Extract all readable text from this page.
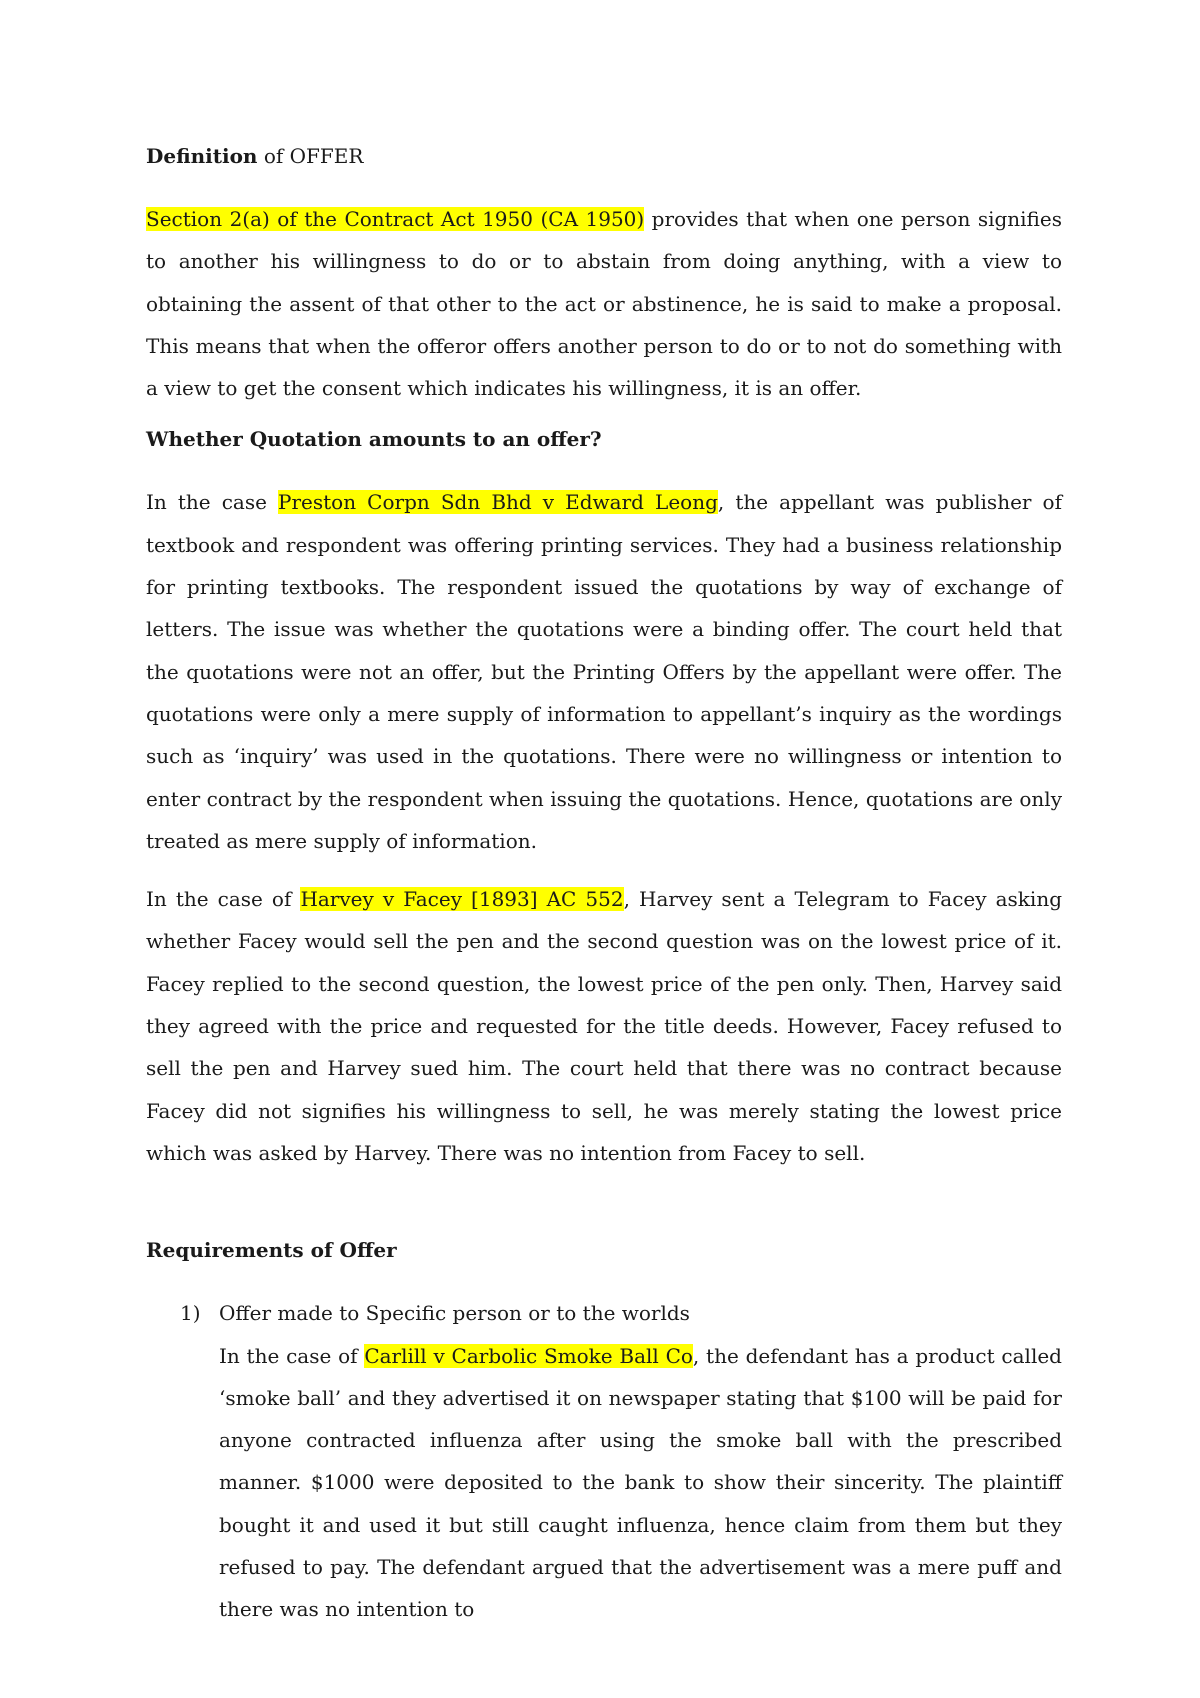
Definition of OFFER

Section 2(a) of the Contract Act 1950 (CA 1950) provides that when one person signifies to another his willingness to do or to abstain from doing anything, with a view to obtaining the assent of that other to the act or abstinence, he is said to make a proposal. This means that when the offeror offers another person to do or to not do something with a view to get the consent which indicates his willingness, it is an offer.

Whether Quotation amounts to an offer?

In the case Preston Corpn Sdn Bhd v Edward Leong, the appellant was publisher of textbook and respondent was offering printing services. They had a business relationship for printing textbooks. The respondent issued the quotations by way of exchange of letters. The issue was whether the quotations were a binding offer. The court held that the quotations were not an offer, but the Printing Offers by the appellant were offer. The quotations were only a mere supply of information to appellant’s inquiry as the wordings such as ‘inquiry’ was used in the quotations. There were no willingness or intention to enter contract by the respondent when issuing the quotations. Hence, quotations are only treated as mere supply of information.

In the case of Harvey v Facey [1893] AC 552, Harvey sent a Telegram to Facey asking whether Facey would sell the pen and the second question was on the lowest price of it. Facey replied to the second question, the lowest price of the pen only. Then, Harvey said they agreed with the price and requested for the title deeds. However, Facey refused to sell the pen and Harvey sued him. The court held that there was no contract because Facey did not signifies his willingness to sell, he was merely stating the lowest price which was asked by Harvey. There was no intention from Facey to sell.

Requirements of Offer

1) Offer made to Specific person or to the worlds
In the case of Carlill v Carbolic Smoke Ball Co, the defendant has a product called ‘smoke ball’ and they advertised it on newspaper stating that $100 will be paid for anyone contracted influenza after using the smoke ball with the prescribed manner. $1000 were deposited to the bank to show their sincerity. The plaintiff bought it and used it but still caught influenza, hence claim from them but they refused to pay. The defendant argued that the advertisement was a mere puff and there was no intention to
